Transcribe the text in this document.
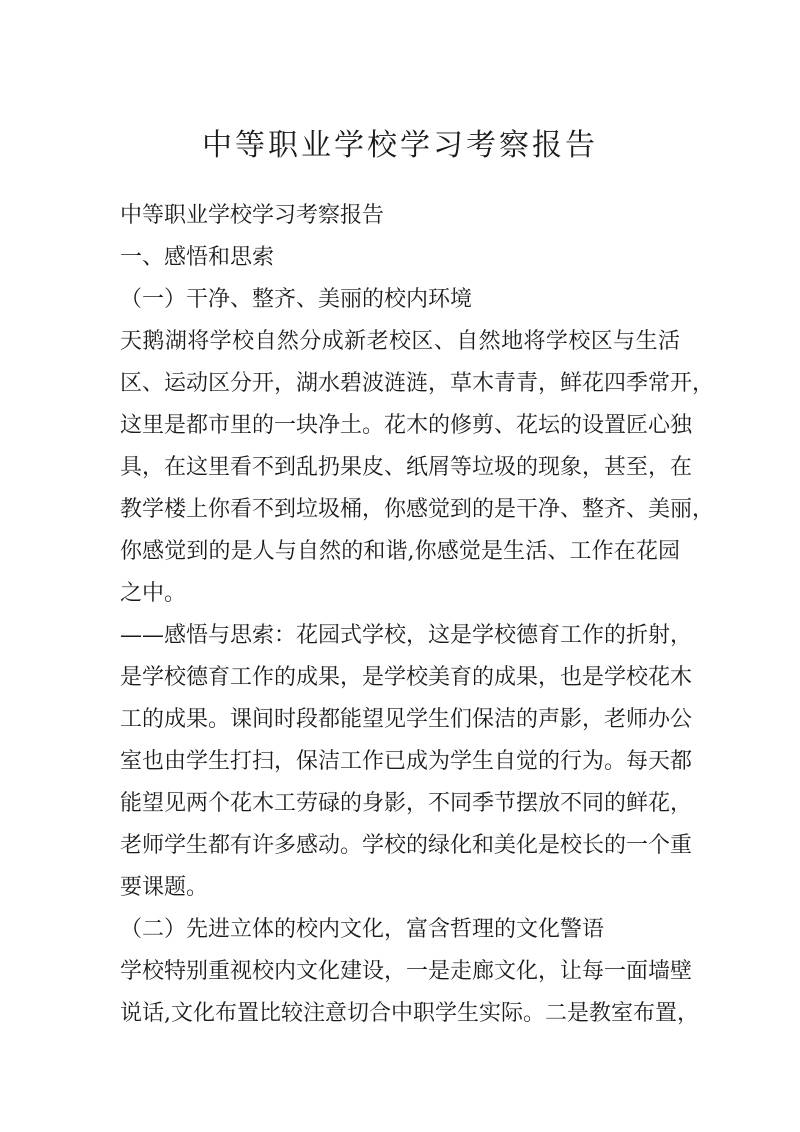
中等职业学校学习考察报告
中等职业学校学习考察报告
一、感悟和思索
（一）干净、整齐、美丽的校内环境
天鹅湖将学校自然分成新老校区、自然地将学校区与生活
区、运动区分开，湖水碧波涟涟，草木青青，鲜花四季常开，
这里是都市里的一块净土。花木的修剪、花坛的设置匠心独
具，在这里看不到乱扔果皮、纸屑等垃圾的现象，甚至，在
教学楼上你看不到垃圾桶，你感觉到的是干净、整齐、美丽，
你感觉到的是人与自然的和谐,你感觉是生活、工作在花园
之中。
——感悟与思索：花园式学校，这是学校德育工作的折射，
是学校德育工作的成果，是学校美育的成果，也是学校花木
工的成果。课间时段都能望见学生们保洁的声影，老师办公
室也由学生打扫，保洁工作已成为学生自觉的行为。每天都
能望见两个花木工劳碌的身影，不同季节摆放不同的鲜花，
老师学生都有许多感动。学校的绿化和美化是校长的一个重
要课题。
（二）先进立体的校内文化，富含哲理的文化警语
学校特别重视校内文化建设，一是走廊文化，让每一面墙壁
说话,文化布置比较注意切合中职学生实际。二是教室布置，
